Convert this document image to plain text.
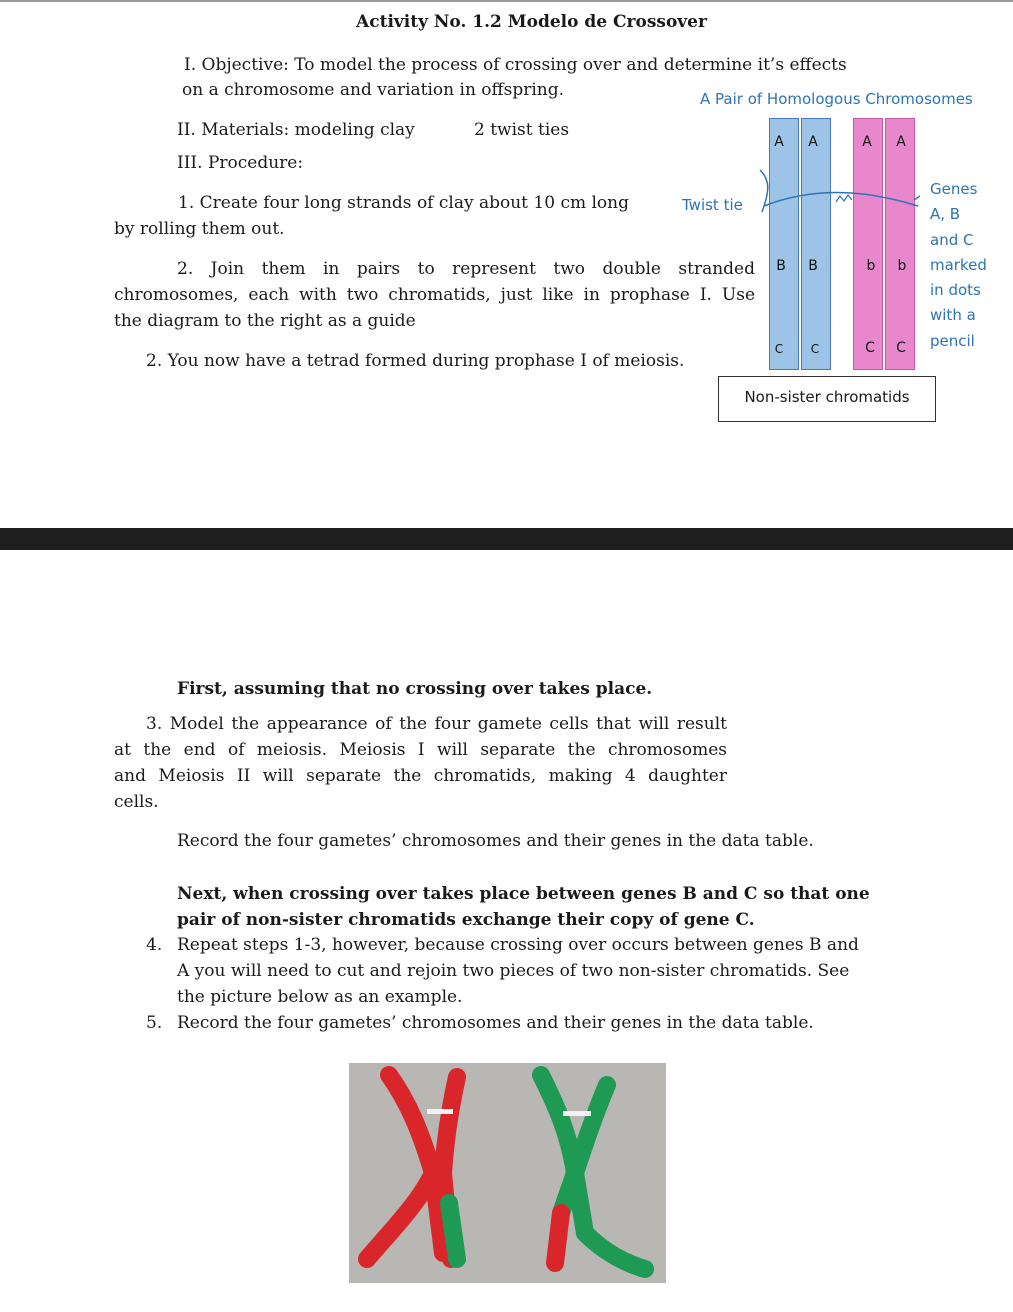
Activity No. 1.2 Modelo de Crossover
I. Objective: To model the process of crossing over and determine it’s effects
on a chromosome and variation in offspring.
II. Materials: modeling clay	2 twist ties
III. Procedure:
1. Create four long strands of clay about 10 cm long
by rolling them out.
2. Join them in pairs to represent two double stranded
chromosomes, each with two chromatids, just like in prophase I. Use
the diagram to the right as a guide
2. You now have a tetrad formed during prophase I of meiosis.
A Pair of Homologous Chromosomes
Twist tie
A	A	A	A
B	B	b	b
C	C	C	C
Genes
A, B
and C
marked
in dots
with a
pencil
Non-sister chromatids
First, assuming that no crossing over takes place.
3. Model the appearance of the four gamete cells that will result
at the end of meiosis. Meiosis I will separate the chromosomes
and Meiosis II will separate the chromatids, making 4 daughter
cells.
Record the four gametes’ chromosomes and their genes in the data table.
Next, when crossing over takes place between genes B and C so that one
pair of non-sister chromatids exchange their copy of gene C.
4. Repeat steps 1-3, however, because crossing over occurs between genes B and
A you will need to cut and rejoin two pieces of two non-sister chromatids. See
the picture below as an example.
5. Record the four gametes’ chromosomes and their genes in the data table.
